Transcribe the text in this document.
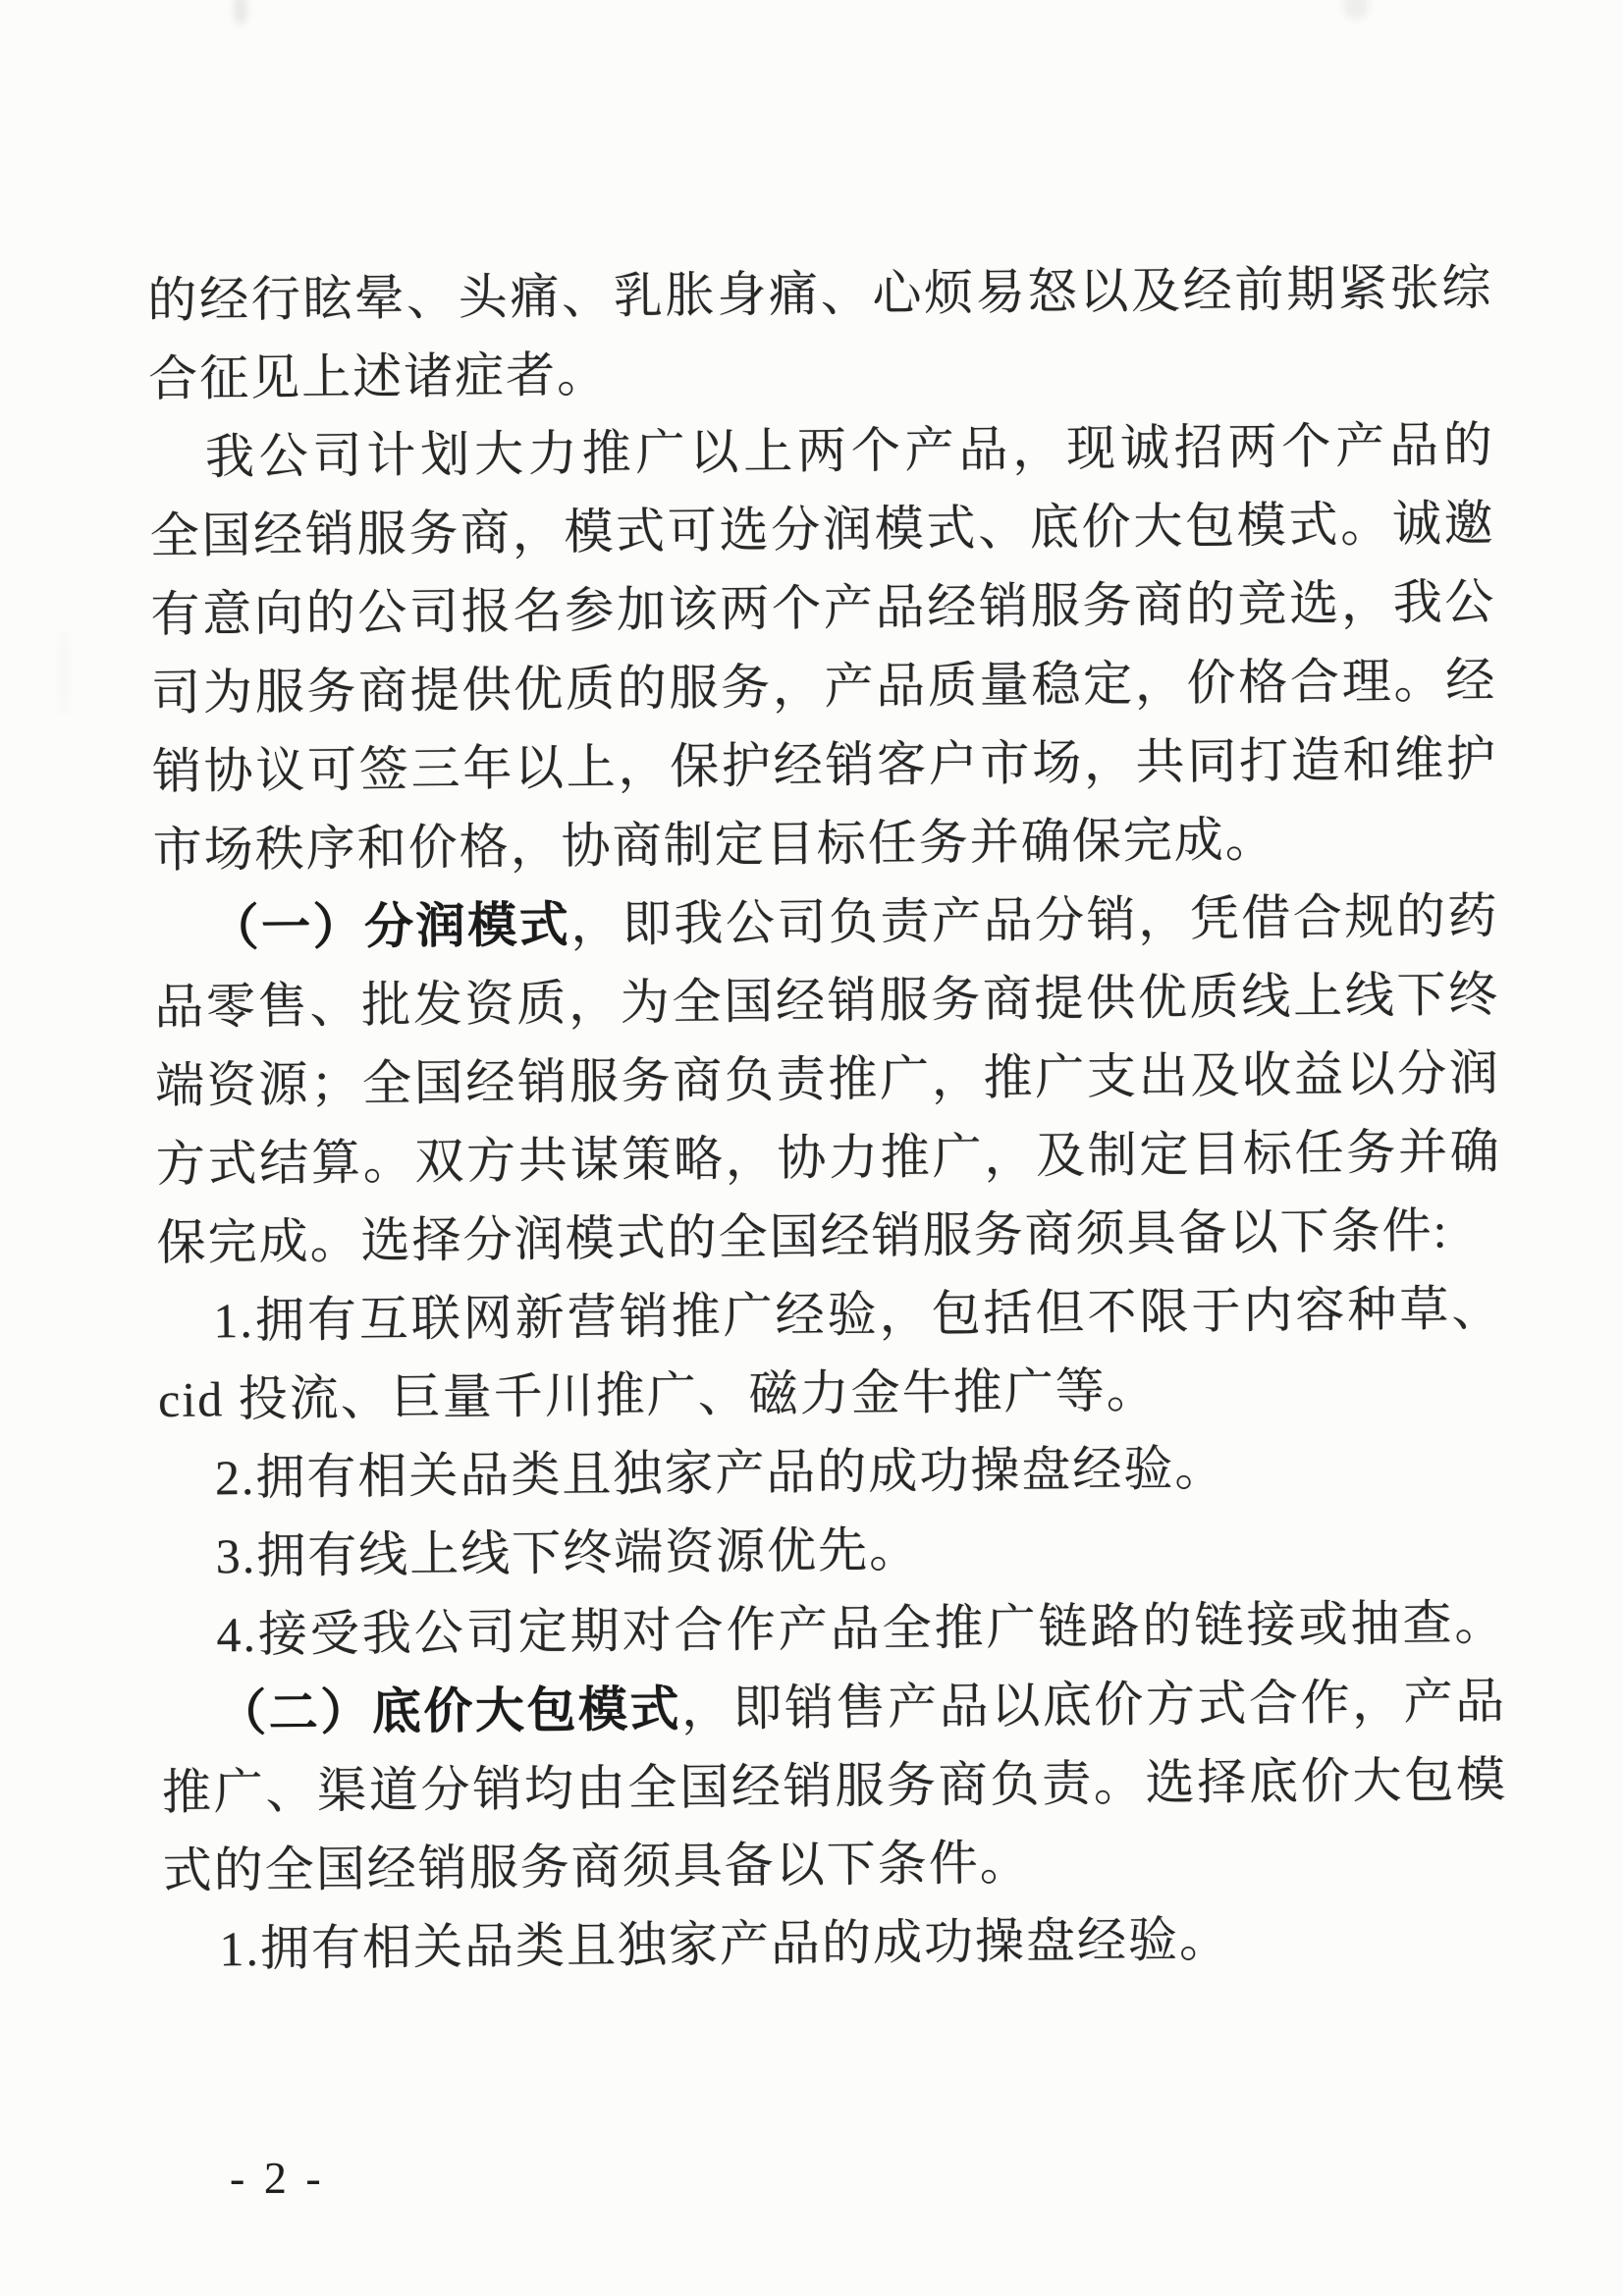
的经行眩晕、头痛、乳胀身痛、心烦易怒以及经前期紧张综
合征见上述诸症者。
我公司计划大力推广以上两个产品，现诚招两个产品的
全国经销服务商，模式可选分润模式、底价大包模式。诚邀
有意向的公司报名参加该两个产品经销服务商的竞选，我公
司为服务商提供优质的服务，产品质量稳定，价格合理。经
销协议可签三年以上，保护经销客户市场，共同打造和维护
市场秩序和价格，协商制定目标任务并确保完成。
（一）分润模式，即我公司负责产品分销，凭借合规的药
品零售、批发资质，为全国经销服务商提供优质线上线下终
端资源；全国经销服务商负责推广，推广支出及收益以分润
方式结算。双方共谋策略，协力推广，及制定目标任务并确
保完成。选择分润模式的全国经销服务商须具备以下条件:
1.拥有互联网新营销推广经验，包括但不限于内容种草、
cid 投流、巨量千川推广、磁力金牛推广等。
2.拥有相关品类且独家产品的成功操盘经验。
3.拥有线上线下终端资源优先。
4.接受我公司定期对合作产品全推广链路的链接或抽查。
（二）底价大包模式，即销售产品以底价方式合作，产品
推广、渠道分销均由全国经销服务商负责。选择底价大包模
式的全国经销服务商须具备以下条件。
1.拥有相关品类且独家产品的成功操盘经验。
- 2 -
